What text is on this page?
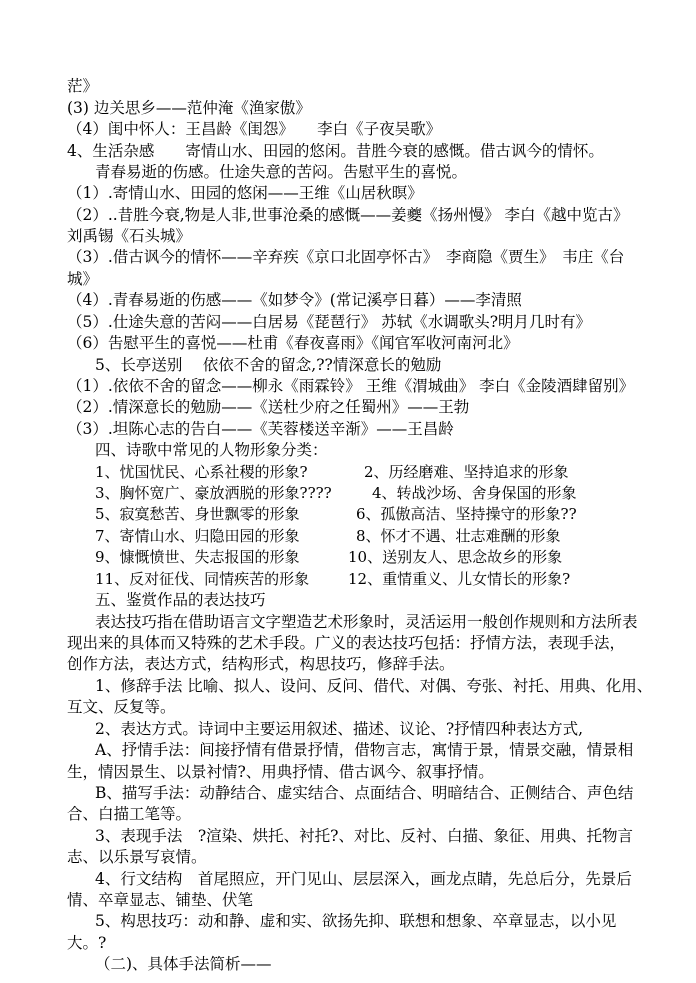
茫》
(3) 边关思乡——范仲淹《渔家傲》
（4）闺中怀人：王昌龄《闺怨》　　李白《子夜吴歌》
4、生活杂感　　寄情山水、田园的悠闲。昔胜今衰的感慨。借古讽今的情怀。
青春易逝的伤感。仕途失意的苦闷。吿慰平生的喜悦。
（1）.寄情山水、田园的悠闲——王维《山居秋暝》
（2）..昔胜今衰,物是人非,世事沧桑的感慨——姜夔《扬州慢》 李白《越中览古》
刘禹锡《石头城》
（3）.借古讽今的情怀——辛弃疾《京口北固亭怀古》　李商隐《贾生》　韦庄《台
城》
（4）.青春易逝的伤感——《如梦令》(常记溪亭日暮）——李清照
（5）.仕途失意的苦闷——白居易《琵琶行》 苏轼《水调歌头?明月几时有》
（6）吿慰平生的喜悦——杜甫《春夜喜雨》《闻官军收河南河北》
5、长亭送别　 依依不舍的留念,??情深意长的勉励
（1）.依依不舍的留念——柳永《雨霖铃》 王维《渭城曲》 李白《金陵酒肆留别》
（2）.情深意长的勉励——《送杜少府之任蜀州》——王勃
（3）.坦陈心志的告白——《芙蓉楼送辛渐》——王昌龄
四、诗歌中常见的人物形象分类：
1、忧国忧民、心系社稷的形象?	2、历经磨难、坚持追求的形象
3、胸怀宽广、豪放洒脱的形象????	4、转战沙场、舍身保国的形象
5、寂寞愁苦、身世飘零的形象	6、孤傲高洁、坚持操守的形象??
7、寄情山水、归隐田园的形象	8、怀才不遇、壮志难酬的形象
9、慷慨愤世、失志报国的形象	10、送别友人、思念故乡的形象
11、反对征伐、同情疾苦的形象	12、重情重义、儿女情长的形象?
五、鉴赏作品的表达技巧
表达技巧指在借助语言文字塑造艺术形象时，灵活运用一般创作规则和方法所表
现出来的具体而又特殊的艺术手段。广义的表达技巧包括：抒情方法，表现手法，
创作方法，表达方式，结构形式，构思技巧，修辞手法。
1、修辞手法 比喻、拟人、设问、反问、借代、对偶、夸张、衬托、用典、化用、
互文、反复等。
2、表达方式。诗词中主要运用叙述、描述、议论、?抒情四种表达方式,
A、抒情手法：间接抒情有借景抒情，借物言志，寓情于景，情景交融，情景相
生，情因景生、以景衬情?、用典抒情、借古讽今、叙事抒情。
B、描写手法：动静结合、虚实结合、点面结合、明暗结合、正侧结合、声色结
合、白描工笔等。
3、表现手法　?渲染、烘托、衬托?、对比、反衬、白描、象征、用典、托物言
志、以乐景写哀情。
4、行文结构　首尾照应，开门见山、层层深入，画龙点睛，先总后分，先景后
情、卒章显志、铺垫、伏笔
5、构思技巧：动和静、虚和实、欲扬先抑、联想和想象、卒章显志，以小见
大。?
（二)、具体手法简析——
